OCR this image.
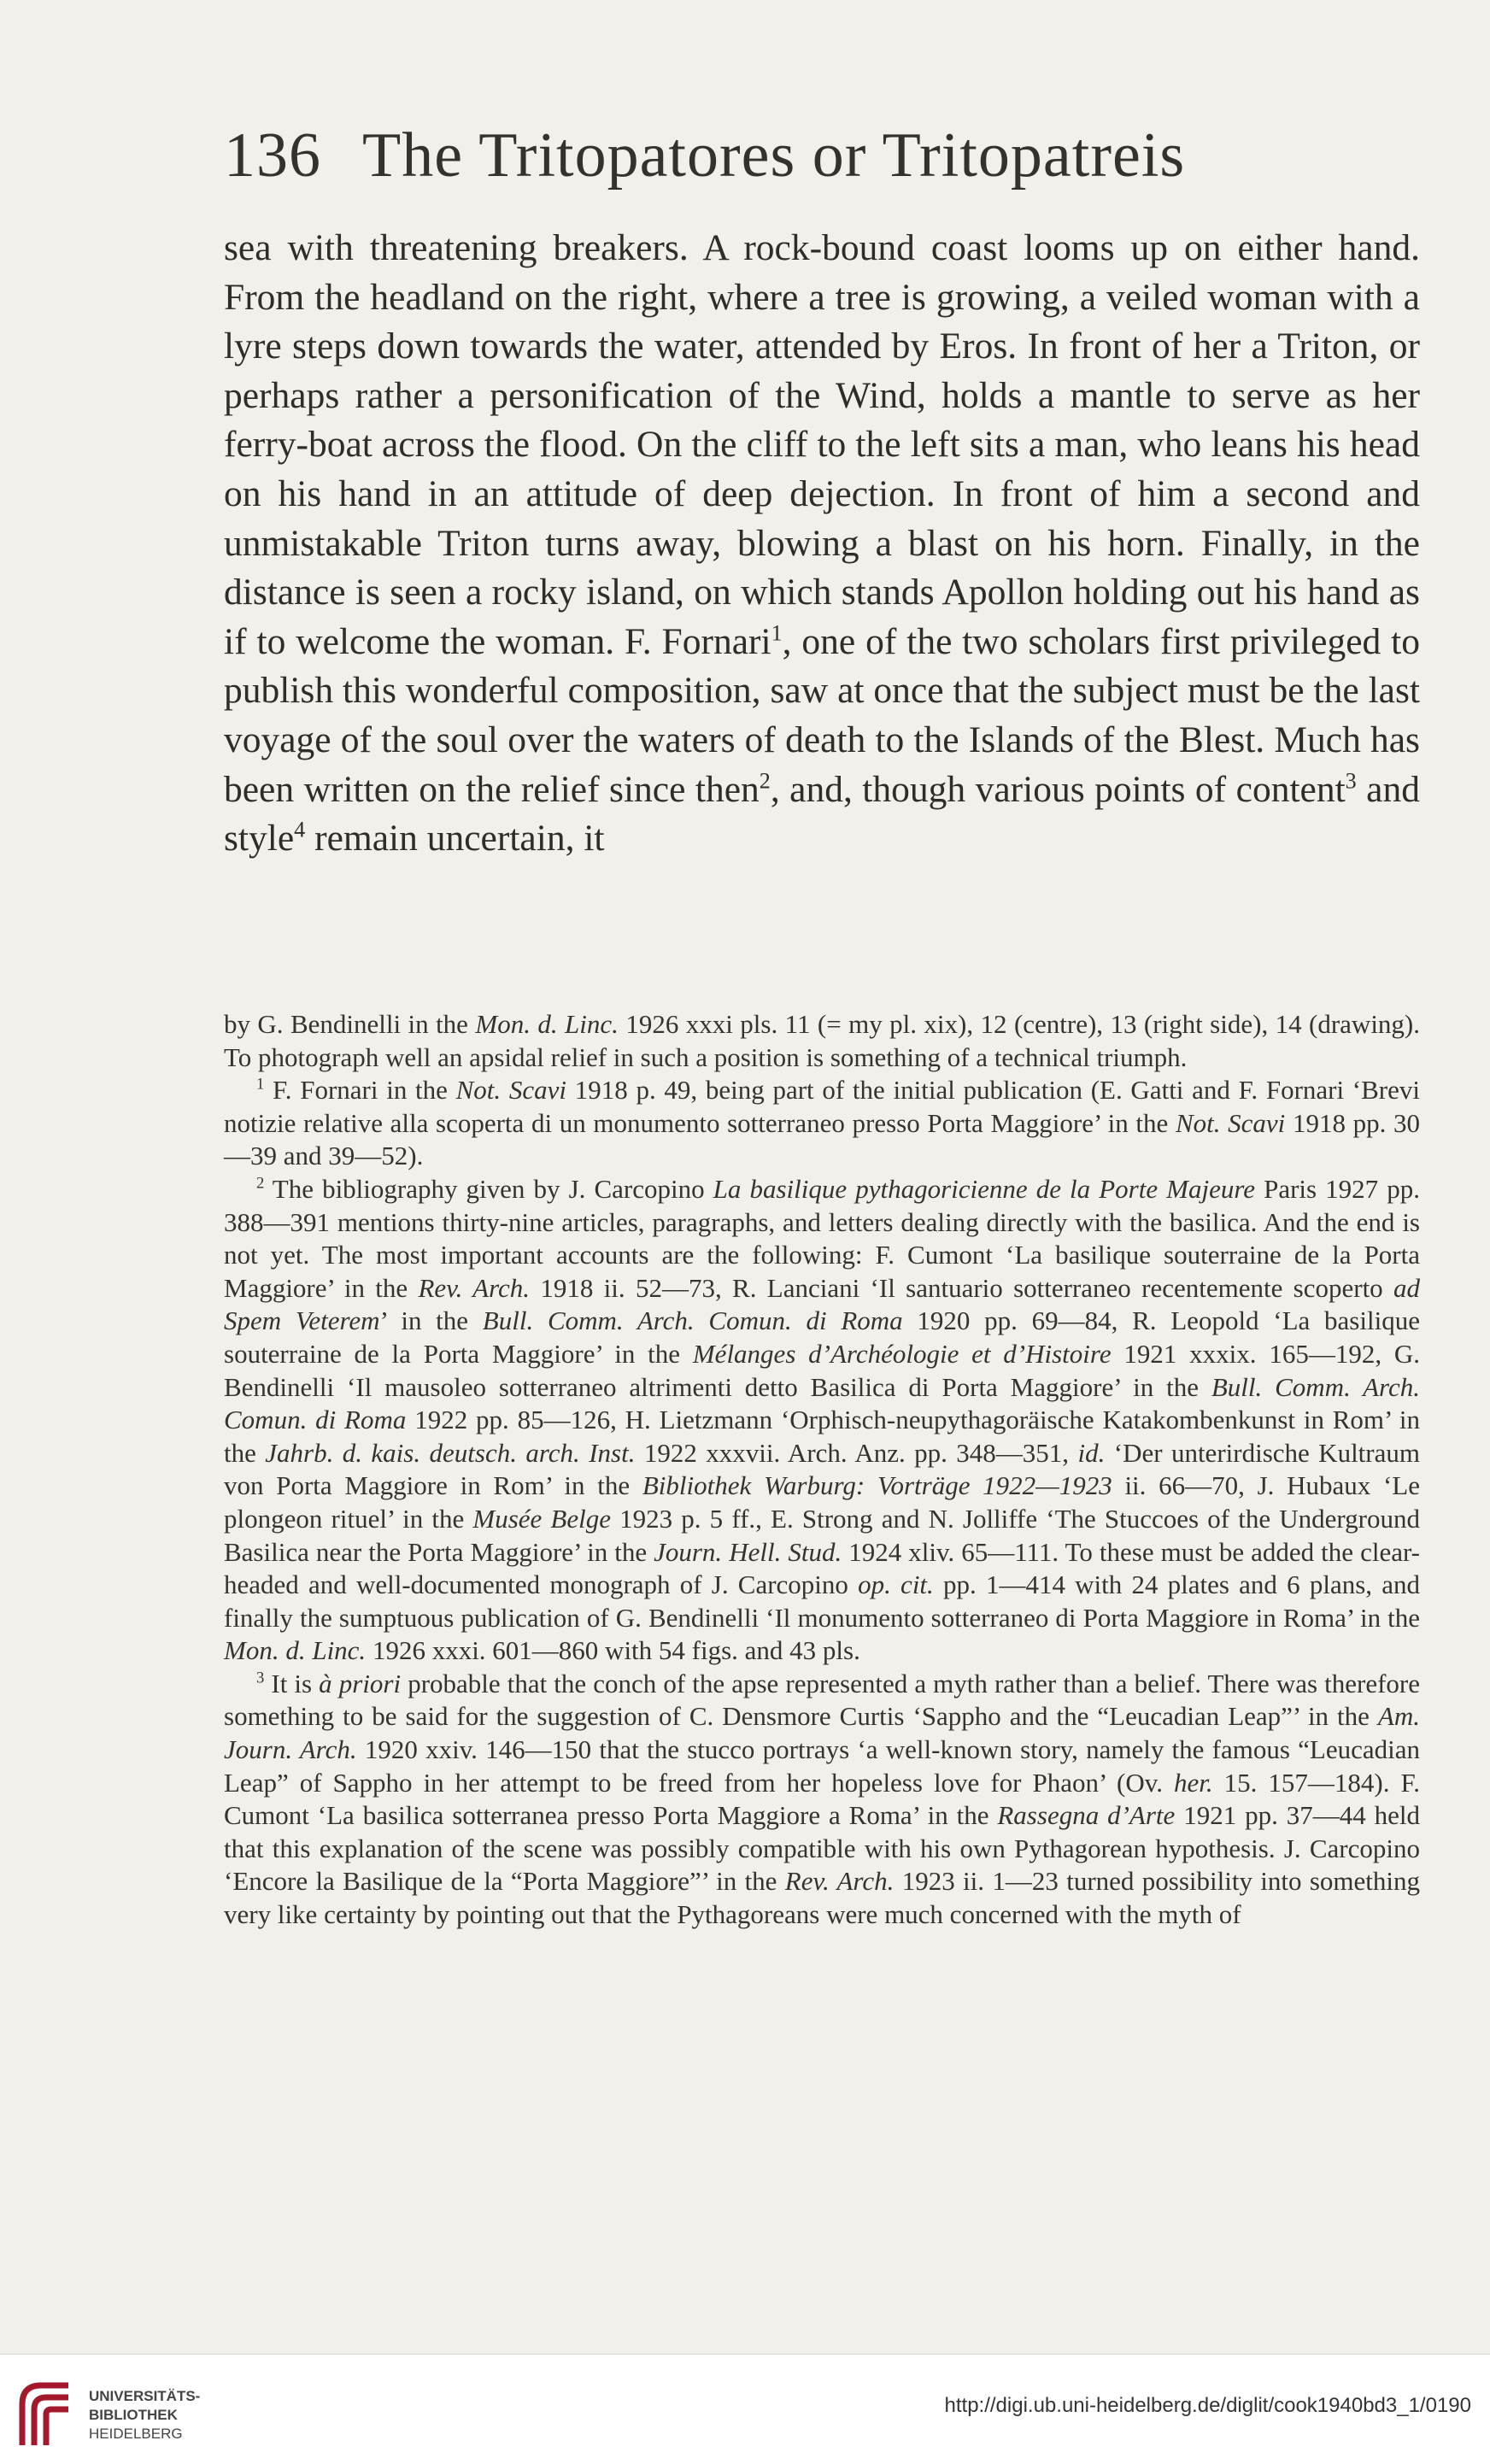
136 The Tritopatores or Tritopatreis

sea with threatening breakers. A rock-bound coast looms up on either hand. From the headland on the right, where a tree is growing, a veiled woman with a lyre steps down towards the water, attended by Eros. In front of her a Triton, or perhaps rather a personification of the Wind, holds a mantle to serve as her ferry-boat across the flood. On the cliff to the left sits a man, who leans his head on his hand in an attitude of deep dejection. In front of him a second and unmistakable Triton turns away, blowing a blast on his horn. Finally, in the distance is seen a rocky island, on which stands Apollon holding out his hand as if to welcome the woman. F. Fornari$^1$, one of the two scholars first privileged to publish this wonderful composition, saw at once that the subject must be the last voyage of the soul over the waters of death to the Islands of the Blest. Much has been written on the relief since then$^2$, and, though various points of content$^3$ and style$^4$ remain uncertain, it

by G. Bendinelli in the Mon. d. Linc. 1926 xxxi pls. 11 (= my pl. xix), 12 (centre), 13 (right side), 14 (drawing). To photograph well an apsidal relief in such a position is something of a technical triumph.

$^1$ F. Fornari in the Not. Scavi 1918 p. 49, being part of the initial publication (E. Gatti and F. Fornari ‘Brevi notizie relative alla scoperta di un monumento sotterraneo presso Porta Maggiore’ in the Not. Scavi 1918 pp. 30—39 and 39—52).

$^2$ The bibliography given by J. Carcopino La basilique pythagoricienne de la Porte Majeure Paris 1927 pp. 388—391 mentions thirty-nine articles, paragraphs, and letters dealing directly with the basilica. And the end is not yet. The most important accounts are the following: F. Cumont ‘La basilique souterraine de la Porta Maggiore’ in the Rev. Arch. 1918 ii. 52—73, R. Lanciani ‘Il santuario sotterraneo recentemente scoperto ad Spem Veterem’ in the Bull. Comm. Arch. Comun. di Roma 1920 pp. 69—84, R. Leopold ‘La basilique souterraine de la Porta Maggiore’ in the Mélanges d’Archéologie et d’Histoire 1921 xxxix. 165—192, G. Bendinelli ‘Il mausoleo sotterraneo altrimenti detto Basilica di Porta Maggiore’ in the Bull. Comm. Arch. Comun. di Roma 1922 pp. 85—126, H. Lietzmann ‘Orphisch-neupythagoräische Katakombenkunst in Rom’ in the Jahrb. d. kais. deutsch. arch. Inst. 1922 xxxvii. Arch. Anz. pp. 348—351, id. ‘Der unterirdische Kultraum von Porta Maggiore in Rom’ in the Bibliothek Warburg: Vorträge 1922—1923 ii. 66—70, J. Hubaux ‘Le plongeon rituel’ in the Musée Belge 1923 p. 5 ff., E. Strong and N. Jolliffe ‘The Stuccoes of the Underground Basilica near the Porta Maggiore’ in the Journ. Hell. Stud. 1924 xliv. 65—111. To these must be added the clear-headed and well-documented monograph of J. Carcopino op. cit. pp. 1—414 with 24 plates and 6 plans, and finally the sumptuous publication of G. Bendinelli ‘Il monumento sotterraneo di Porta Maggiore in Roma’ in the Mon. d. Linc. 1926 xxxi. 601—860 with 54 figs. and 43 pls.

$^3$ It is à priori probable that the conch of the apse represented a myth rather than a belief. There was therefore something to be said for the suggestion of C. Densmore Curtis ‘Sappho and the “Leucadian Leap”’ in the Am. Journ. Arch. 1920 xxiv. 146—150 that the stucco portrays ‘a well-known story, namely the famous “Leucadian Leap” of Sappho in her attempt to be freed from her hopeless love for Phaon’ (Ov. her. 15. 157—184). F. Cumont ‘La basilica sotterranea presso Porta Maggiore a Roma’ in the Rassegna d’Arte 1921 pp. 37—44 held that this explanation of the scene was possibly compatible with his own Pythagorean hypothesis. J. Carcopino ‘Encore la Basilique de la “Porta Maggiore”’ in the Rev. Arch. 1923 ii. 1—23 turned possibility into something very like certainty by pointing out that the Pythagoreans were much concerned with the myth of

UNIVERSITÄTS-
BIBLIOTHEK
HEIDELBERG
http://digi.ub.uni-heidelberg.de/diglit/cook1940bd3_1/0190
